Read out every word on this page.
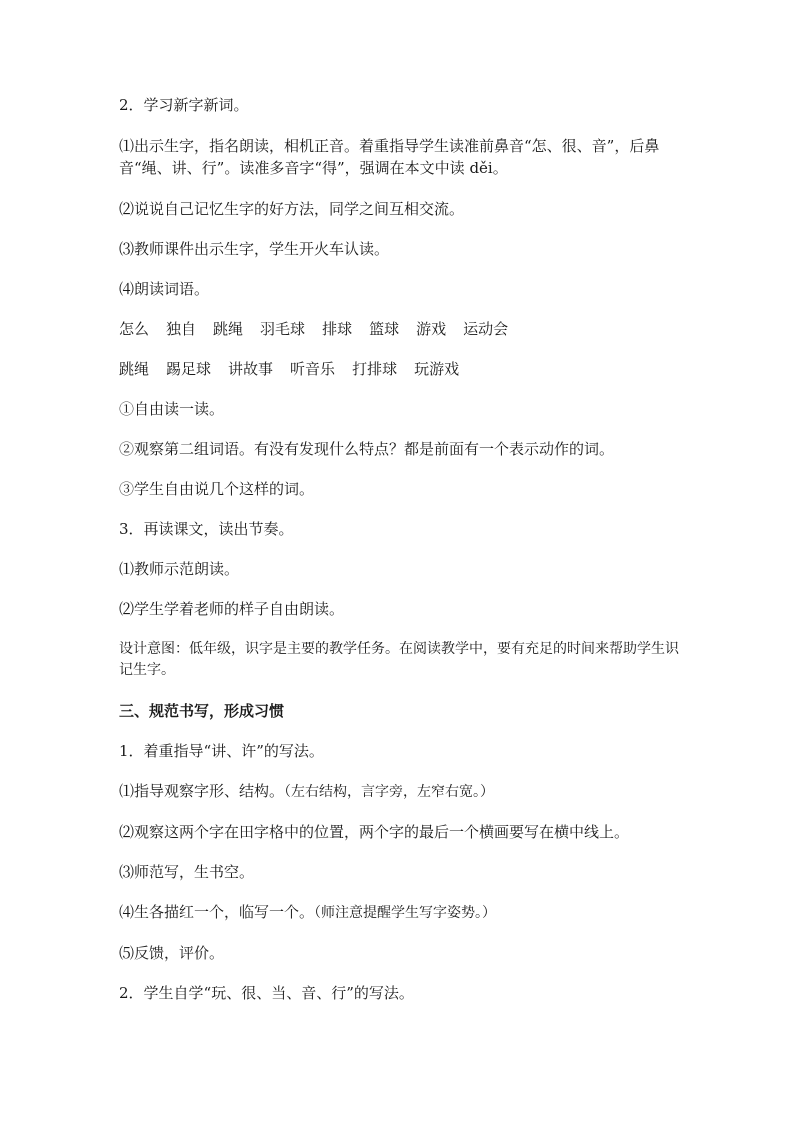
2．学习新字新词。

⑴出示生字，指名朗读，相机正音。着重指导学生读准前鼻音“怎、很、音”，后鼻音“绳、讲、行”。读准多音字“得”，强调在本文中读 děi。

⑵说说自己记忆生字的好方法，同学之间互相交流。

⑶教师课件出示生字，学生开火车认读。

⑷朗读词语。

怎么 独自 跳绳 羽毛球 排球 篮球 游戏 运动会

跳绳 踢足球 讲故事 听音乐 打排球 玩游戏

①自由读一读。

②观察第二组词语。有没有发现什么特点？都是前面有一个表示动作的词。

③学生自由说几个这样的词。

3．再读课文，读出节奏。

⑴教师示范朗读。

⑵学生学着老师的样子自由朗读。

设计意图：低年级，识字是主要的教学任务。在阅读教学中，要有充足的时间来帮助学生识记生字。

三、规范书写，形成习惯

1．着重指导“讲、许”的写法。

⑴指导观察字形、结构。（左右结构，言字旁，左窄右宽。）

⑵观察这两个字在田字格中的位置，两个字的最后一个横画要写在横中线上。

⑶师范写，生书空。

⑷生各描红一个，临写一个。（师注意提醒学生写字姿势。）

⑸反馈，评价。

2．学生自学“玩、很、当、音、行”的写法。
